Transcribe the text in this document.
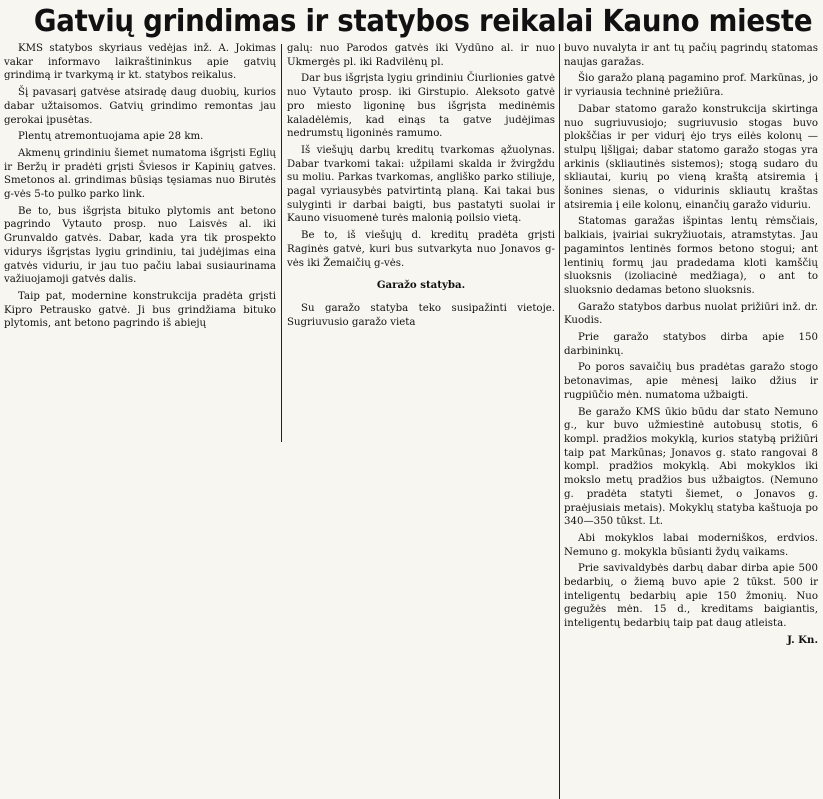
Gatvių grindimas ir statybos reikalai Kauno mieste

KMS statybos skyriaus vedėjas inž. A. Jokimas vakar informavo laikraštininkus apie gatvių grindimą ir tvarkymą ir kt. statybos reikalus.

Šį pavasarį gatvėse atsiradę daug duobių, kurios dabar užtaisomos. Gatvių grindimo remontas jau gerokai įpusėtas.

Plentų atremontuojama apie 28 km.

Akmenų grindiniu šiemet numatoma išgrįsti Eglių ir Beržų ir pradėti grįsti Šviesos ir Kapinių gatves. Smetonos al. grindimas būsiąs tęsiamas nuo Birutės g-vės 5-to pulko parko link.

Be to, bus išgrįsta bituko plytomis ant betono pagrindo Vytauto prosp. nuo Laisvės al. iki Grunvaldo gatvės. Dabar, kada yra tik prospekto vidurys išgrįstas lygiu grindiniu, tai judėjimas eina gatvės viduriu, ir jau tuo pačiu labai susiaurinama važiuojamoji gatvės dalis.

Taip pat, modernine konstrukcija pradėta grįsti Kipro Petrausko gatvė. Ji bus grindžiama bituko plytomis, ant betono pagrindo iš abiejų

galų: nuo Parodos gatvės iki Vydūno al. ir nuo Ukmergės pl. iki Radvilėnų pl.

Dar bus išgrįsta lygiu grindiniu Čiurlionies gatvė nuo Vytauto prosp. iki Girstupio. Aleksoto gatvė pro miesto ligoninę bus išgrįsta medinėmis kaladėlėmis, kad einąs ta gatve judėjimas nedrumstų ligoninės ramumo.

Iš viešųjų darbų kreditų tvarkomas ąžuolynas. Dabar tvarkomi takai: užpilami skalda ir žvirgždu su moliu. Parkas tvarkomas, angliško parko stiliuje, pagal vyriausybės patvirtintą planą. Kai takai bus sulyginti ir darbai baigti, bus pastatyti suolai ir Kauno visuomenė turės malonią poilsio vietą.

Be to, iš viešųjų d. kreditų pradėta grįsti Raginės gatvė, kuri bus sutvarkyta nuo Jonavos g-vės iki Žemaičių g-vės.

Garažo statyba.

Su garažo statyba teko susipažinti vietoje. Sugriuvusio garažo vieta

buvo nuvalyta ir ant tų pačių pagrindų statomas naujas garažas.

Šio garažo planą pagamino prof. Markūnas, jo ir vyriausia techninė priežiūra.

Dabar statomo garažo konstrukcija skirtinga nuo sugriuvusiojo; sugriuvusio stogas buvo plokščias ir per vidurį ėjo trys eilės kolonų — stulpų lįšlįgai; dabar statomo garažo stogas yra arkinis (skliautinės sistemos); stogą sudaro du skliautai, kurių po vieną kraštą atsiremia į šonines sienas, o vidurinis skliautų kraštas atsiremia į eile kolonų, einančių garažo viduriu.

Statomas garažas išpintas lentų rėmsčiais, balkiais, įvairiai sukryžiuotais, atramstytas. Jau pagamintos lentinės formos betono stogui; ant lentinių formų jau pradedama kloti kamščių sluoksnis (izoliacinė medžiaga), o ant to sluoksnio dedamas betono sluoksnis.

Garažo statybos darbus nuolat prižiūri inž. dr. Kuodis.

Prie garažo statybos dirba apie 150 darbininkų.

Po poros savaičių bus pradėtas garažo stogo betonavimas, apie mėnesį laiko džius ir rugpiūčio mėn. numatoma užbaigti.

Be garažo KMS ūkio būdu dar stato Nemuno g., kur buvo užmiestinė autobusų stotis, 6 kompl. pradžios mokyklą, kurios statybą prižiūri taip pat Markūnas; Jonavos g. stato rangovai 8 kompl. pradžios mokyklą. Abi mokyklos iki mokslo metų pradžios bus užbaigtos. (Nemuno g. pradėta statyti šiemet, o Jonavos g. praėjusiais metais). Mokyklų statyba kaštuoja po 340—350 tūkst. Lt.

Abi mokyklos labai moderniškos, erdvios. Nemuno g. mokykla būsianti žydų vaikams.

Prie savivaldybės darbų dabar dirba apie 500 bedarbių, o žiemą buvo apie 2 tūkst. 500 ir inteligentų bedarbių apie 150 žmonių. Nuo gegužės mėn. 15 d., kreditams baigiantis, inteligentų bedarbių taip pat daug atleista.

J. Kn.
